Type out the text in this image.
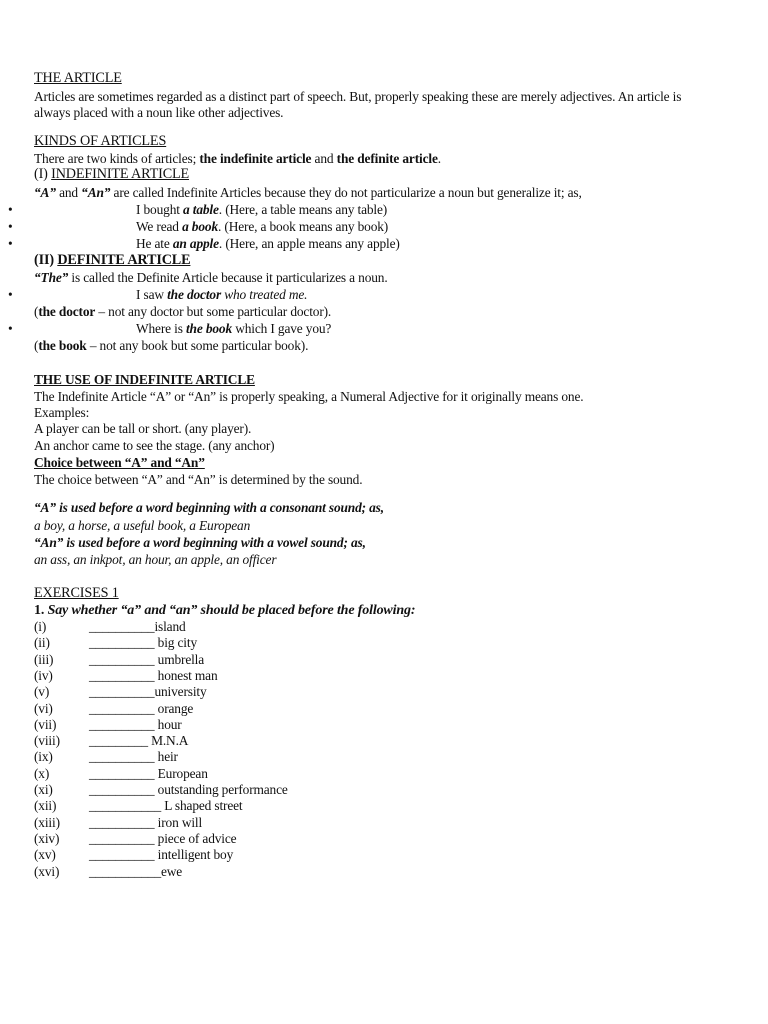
THE ARTICLE
Articles are sometimes regarded as a distinct part of speech. But, properly speaking these are merely adjectives. An article is
always placed with a noun like other adjectives.
KINDS OF ARTICLES
There are two kinds of articles; the indefinite article and the definite article.
(I) INDEFINITE ARTICLE
“A” and “An” are called Indefinite Articles because they do not particularize a noun but generalize it; as,
•	I bought a table. (Here, a table means any table)
•	We read a book. (Here, a book means any book)
•	He ate an apple. (Here, an apple means any apple)
(II) DEFINITE ARTICLE
“The” is called the Definite Article because it particularizes a noun.
•	I saw the doctor who treated me.
(the doctor – not any doctor but some particular doctor).
•	Where is the book which I gave you?
(the book – not any book but some particular book).
THE USE OF INDEFINITE ARTICLE
The Indefinite Article “A” or “An” is properly speaking, a Numeral Adjective for it originally means one.
Examples:
A player can be tall or short. (any player).
An anchor came to see the stage. (any anchor)
Choice between “A” and “An”
The choice between “A” and “An” is determined by the sound.
“A” is used before a word beginning with a consonant sound; as,
a boy, a horse, a useful book, a European
“An” is used before a word beginning with a vowel sound; as,
an ass, an inkpot, an hour, an apple, an officer
EXERCISES 1
1. Say whether “a” and “an” should be placed before the following:
(i)	__________island
(ii)	__________ big city
(iii)	__________ umbrella
(iv)	__________ honest man
(v)	__________university
(vi)	__________ orange
(vii) __________ hour
(viii) _________ M.N.A
(ix)	__________ heir
(x)	__________ European
(xi)	__________ outstanding performance
(xii) ___________ L shaped street
(xiii) __________ iron will
(xiv) __________ piece of advice
(xv) __________ intelligent boy
(xvi) ___________ewe
